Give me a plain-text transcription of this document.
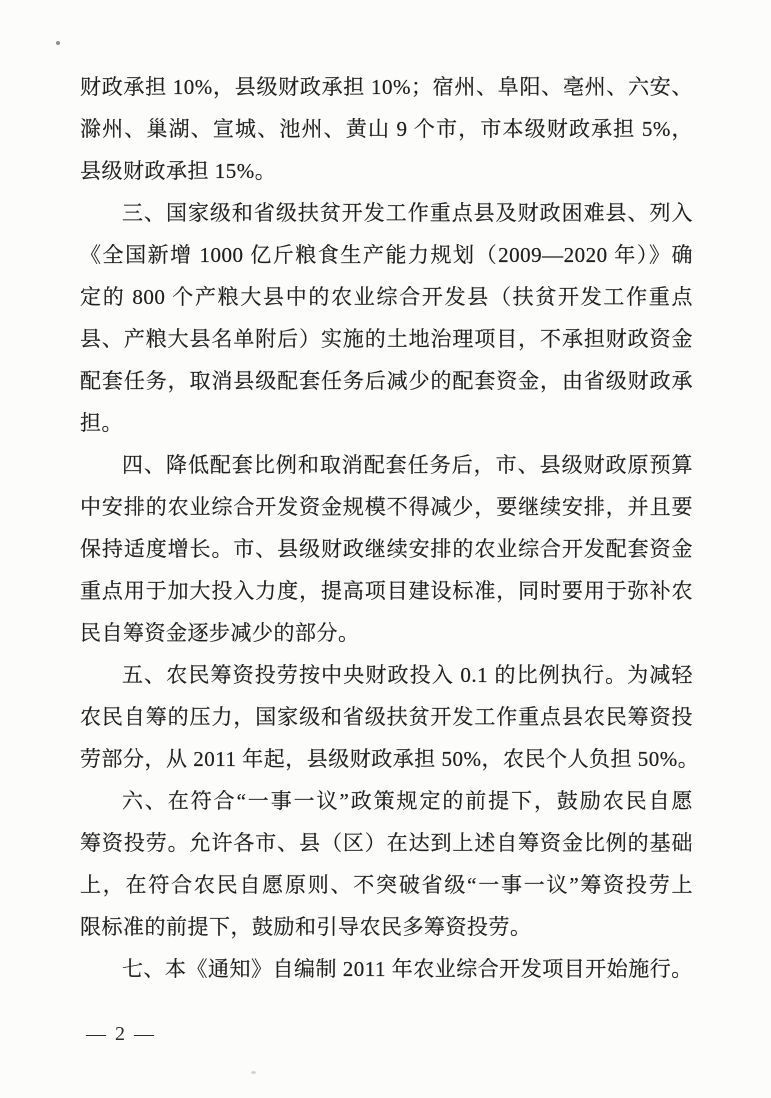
财政承担 10%，县级财政承担 10%；宿州、阜阳、亳州、六安、
滁州、巢湖、宣城、池州、黄山 9 个市，市本级财政承担 5%，
县级财政承担 15%。
三、国家级和省级扶贫开发工作重点县及财政困难县、列入
《全国新增 1000 亿斤粮食生产能力规划（2009—2020 年）》确
定的 800 个产粮大县中的农业综合开发县（扶贫开发工作重点
县、产粮大县名单附后）实施的土地治理项目，不承担财政资金
配套任务，取消县级配套任务后减少的配套资金，由省级财政承
担。
四、降低配套比例和取消配套任务后，市、县级财政原预算
中安排的农业综合开发资金规模不得减少，要继续安排，并且要
保持适度增长。市、县级财政继续安排的农业综合开发配套资金
重点用于加大投入力度，提高项目建设标准，同时要用于弥补农
民自筹资金逐步减少的部分。
五、农民筹资投劳按中央财政投入 0.1 的比例执行。为减轻
农民自筹的压力，国家级和省级扶贫开发工作重点县农民筹资投
劳部分，从 2011 年起，县级财政承担 50%，农民个人负担 50%。
六、在符合“一事一议”政策规定的前提下，鼓励农民自愿
筹资投劳。允许各市、县（区）在达到上述自筹资金比例的基础
上，在符合农民自愿原则、不突破省级“一事一议”筹资投劳上
限标准的前提下，鼓励和引导农民多筹资投劳。
七、本《通知》自编制 2011 年农业综合开发项目开始施行。
— 2 —
